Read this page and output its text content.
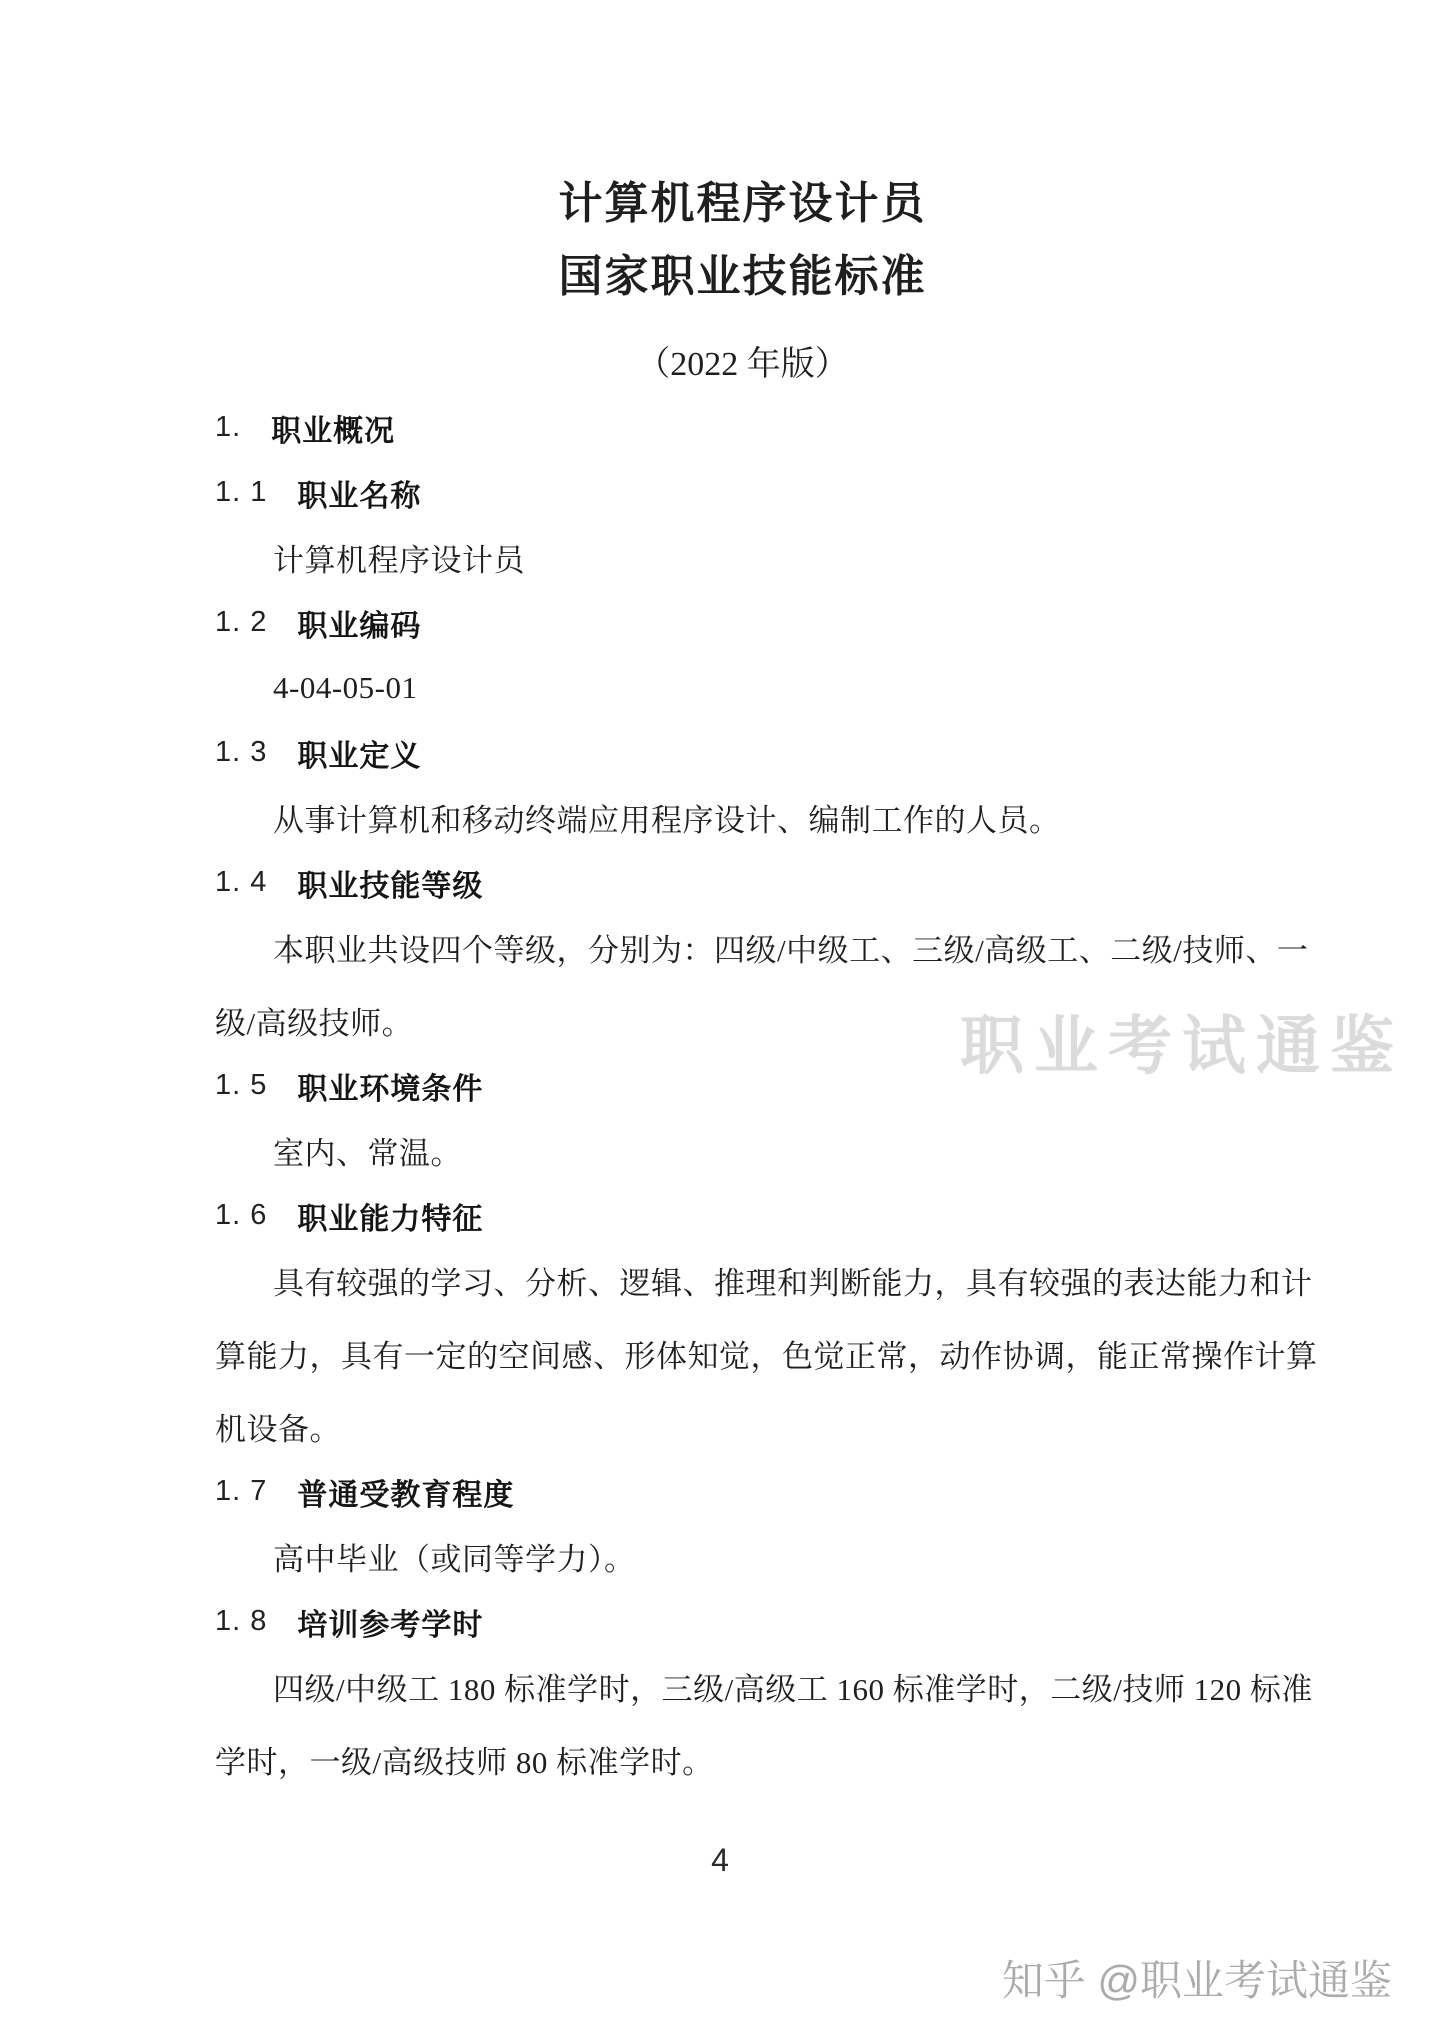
计算机程序设计员
国家职业技能标准
（2022 年版）
1. 职业概况
1. 1 职业名称
计算机程序设计员
1. 2 职业编码
4-04-05-01
1. 3 职业定义
从事计算机和移动终端应用程序设计、编制工作的人员。
1. 4 职业技能等级
本职业共设四个等级，分别为：四级/中级工、三级/高级工、二级/技师、一
级/高级技师。
1. 5 职业环境条件
室内、常温。
1. 6 职业能力特征
具有较强的学习、分析、逻辑、推理和判断能力，具有较强的表达能力和计
算能力，具有一定的空间感、形体知觉，色觉正常，动作协调，能正常操作计算
机设备。
1. 7 普通受教育程度
高中毕业（或同等学力）。
1. 8 培训参考学时
四级/中级工 180 标准学时，三级/高级工 160 标准学时，二级/技师 120 标准
学时，一级/高级技师 80 标准学时。
职业考试通鉴
4
知乎 @职业考试通鉴
